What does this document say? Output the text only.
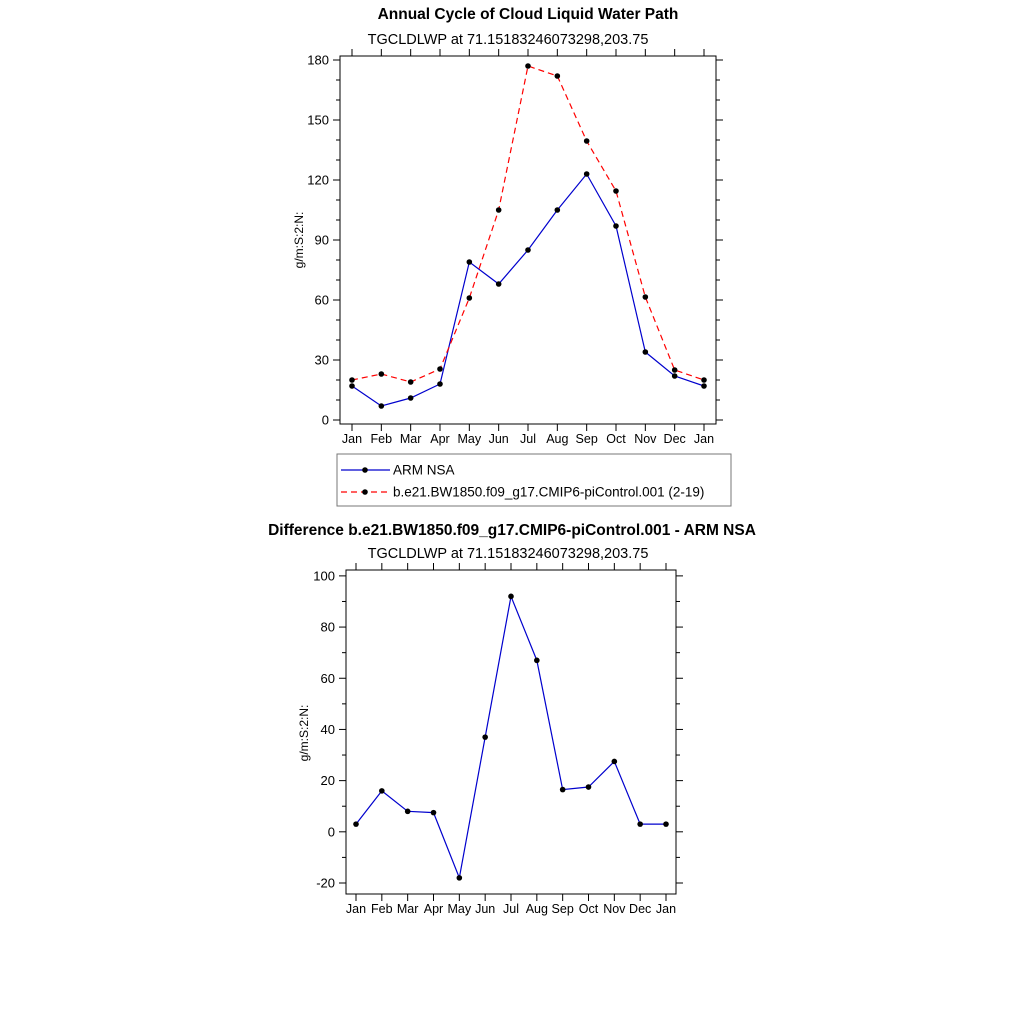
Annual Cycle of Cloud Liquid Water Path
TGCLDLWP at 71.15183246073298,203.75
g/m:S:2:N:
0
30
60
90
120
150
180
Jan Feb Mar Apr May Jun Jul Aug Sep Oct Nov Dec Jan
ARM NSA
b.e21.BW1850.f09_g17.CMIP6-piControl.001 (2-19)
Difference b.e21.BW1850.f09_g17.CMIP6-piControl.001 - ARM NSA
TGCLDLWP at 71.15183246073298,203.75
g/m:S:2:N:
-20
0
20
40
60
80
100
Jan Feb Mar Apr May Jun Jul Aug Sep Oct Nov Dec Jan
